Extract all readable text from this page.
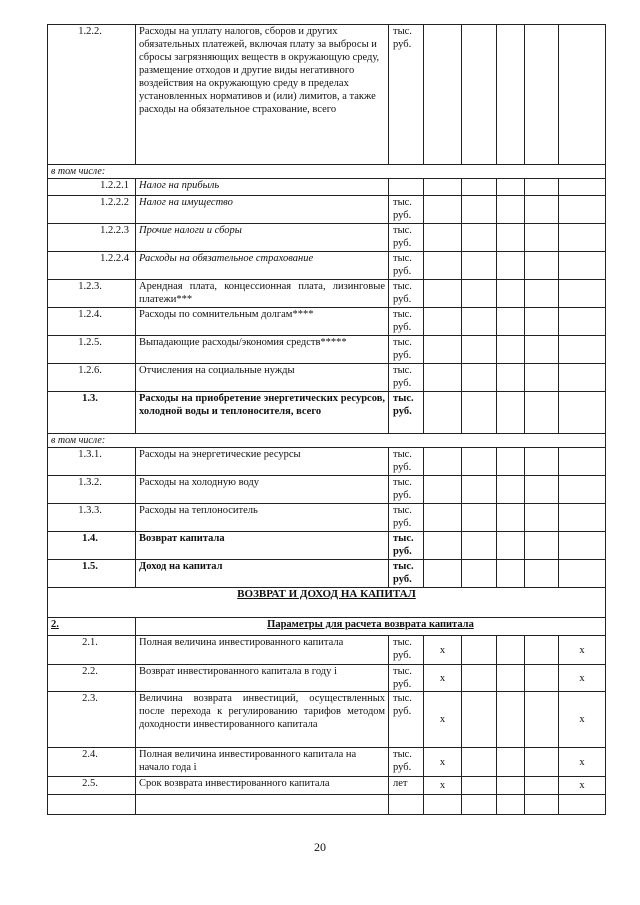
1.2.2.	Расходы на уплату налогов, сборов и других обязательных платежей, включая плату за выбросы и сбросы загрязняющих веществ в окружающую среду, размещение отходов и другие виды негативного воздействия на окружающую среду в пределах установленных нормативов и (или) лимитов, а также расходы на обязательное страхование, всего	тыс. руб.					
в том числе:							
1.2.2.1	Налог на прибыль						
1.2.2.2	Налог на имущество	тыс. руб.					
1.2.2.3	Прочие налоги и сборы	тыс. руб.					
1.2.2.4	Расходы на обязательное страхование	тыс. руб.					
1.2.3.	Арендная плата, концессионная плата, лизинговые платежи***	тыс. руб.					
1.2.4.	Расходы по сомнительным долгам****	тыс. руб.					
1.2.5.	Выпадающие расходы/экономия средств*****	тыс. руб.					
1.2.6.	Отчисления на социальные нужды	тыс. руб.					
1.3.	Расходы на приобретение энергетических ресурсов, холодной воды и теплоносителя, всего	тыс. руб.					
в том числе:							
1.3.1.	Расходы на энергетические ресурсы	тыс. руб.					
1.3.2.	Расходы на холодную воду	тыс. руб.					
1.3.3.	Расходы на теплоноситель	тыс. руб.					
1.4.	Возврат капитала	тыс. руб.					
1.5.	Доход на капитал	тыс. руб.					
ВОЗВРАТ И ДОХОД НА КАПИТАЛ							
2.	Параметры для расчета возврата капитала						
2.1.	Полная величина инвестированного капитала	тыс. руб.	х				х
2.2.	Возврат инвестированного капитала в году i	тыс. руб.	х				х
2.3.	Величина возврата инвестиций, осуществленных после перехода к регулированию тарифов методом доходности инвестированного капитала	тыс. руб.	х				х
2.4.	Полная величина инвестированного капитала на начало года i	тыс. руб.	х				х
2.5.	Срок возврата инвестированного капитала	лет	х				х

20
